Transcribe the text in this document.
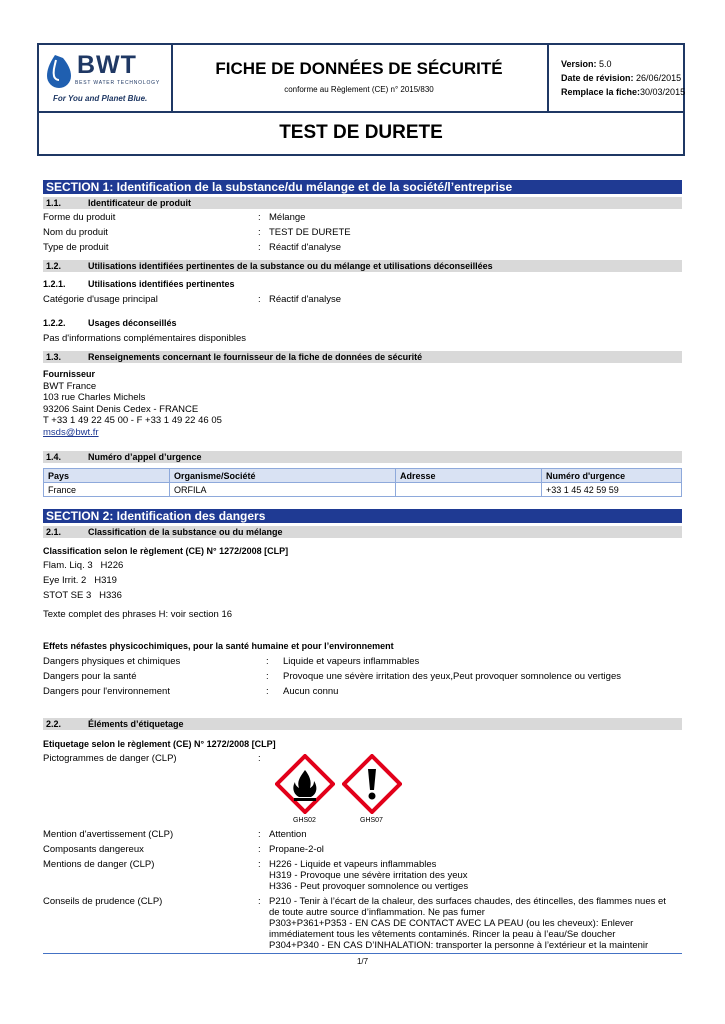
BWT
BEST WATER TECHNOLOGY
For You and Planet Blue.
FICHE DE DONNÉES DE SÉCURITÉ
conforme au Règlement (CE) n° 2015/830
Version: 5.0
Date de révision: 26/06/2015
Remplace la fiche:30/03/2015
TEST DE DURETE
SECTION 1: Identification de la substance/du mélange et de la société/l’entreprise
1.1.	Identificateur de produit
Forme du produit	: Mélange
Nom du produit	: TEST DE DURETE
Type de produit	: Réactif d'analyse
1.2.	Utilisations identifiées pertinentes de la substance ou du mélange et utilisations déconseillées
1.2.1. Utilisations identifiées pertinentes
Catégorie d'usage principal	: Réactif d'analyse
1.2.2. Usages déconseillés
Pas d'informations complémentaires disponibles
1.3.	Renseignements concernant le fournisseur de la fiche de données de sécurité
Fournisseur
BWT France
103 rue Charles Michels
93206 Saint Denis Cedex - FRANCE
T +33 1 49 22 45 00 - F +33 1 49 22 46 05
msds@bwt.fr
1.4.	Numéro d’appel d’urgence
Pays	Organisme/Société	Adresse	Numéro d'urgence
France	ORFILA		+33 1 45 42 59 59
SECTION 2: Identification des dangers
2.1.	Classification de la substance ou du mélange
Classification selon le règlement (CE) N° 1272/2008 [CLP]
Flam. Liq. 3   H226
Eye Irrit. 2   H319
STOT SE 3   H336
Texte complet des phrases H: voir section 16
Effets néfastes physicochimiques, pour la santé humaine et pour l’environnement
Dangers physiques et chimiques	: Liquide et vapeurs inflammables
Dangers pour la santé	: Provoque une sévère irritation des yeux,Peut provoquer somnolence ou vertiges
Dangers pour l'environnement	: Aucun connu
2.2.	Éléments d’étiquetage
Etiquetage selon le règlement (CE) N° 1272/2008 [CLP]
Pictogrammes de danger (CLP)	:
GHS02	GHS07
Mention d'avertissement (CLP)	: Attention
Composants dangereux	: Propane-2-ol
Mentions de danger (CLP)	: H226 - Liquide et vapeurs inflammables
H319 - Provoque une sévère irritation des yeux
H336 - Peut provoquer somnolence ou vertiges
Conseils de prudence (CLP)	: P210 - Tenir à l’écart de la chaleur, des surfaces chaudes, des étincelles, des flammes nues et
de toute autre source d’inflammation. Ne pas fumer
P303+P361+P353 - EN CAS DE CONTACT AVEC LA PEAU (ou les cheveux): Enlever
immédiatement tous les vêtements contaminés. Rincer la peau à l’eau/Se doucher
P304+P340 - EN CAS D’INHALATION: transporter la personne à l’extérieur et la maintenir
1/7
